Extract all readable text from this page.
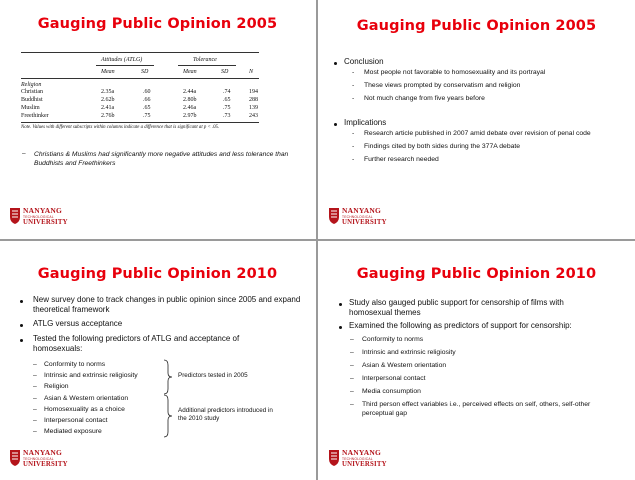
Gauging Public Opinion 2005
Attitudes (ATLG)	Tolerance
Mean	SD	Mean	SD	N
Religion
Christian	2.35a	.60	2.44a	.74	194
Buddhist	2.62b	.66	2.80b	.65	288
Muslim	2.41a	.65	2.46a	.75	139
Freethinker	2.76b	.75	2.97b	.73	243
Note. Values with different subscripts within columns indicate a difference that is significant at p < .05.
– Christians & Muslims had significantly more negative attitudes and less tolerance than Buddhists and Freethinkers
NANYANG
TECHNOLOGICAL
UNIVERSITY
Gauging Public Opinion 2005
Conclusion
- Most people not favorable to homosexuality and its portrayal
- These views prompted by conservatism and religion
- Not much change from five years before
Implications
- Research article published in 2007 amid debate over revision of penal code
- Findings cited by both sides during the 377A debate
- Further research needed
NANYANG
TECHNOLOGICAL
UNIVERSITY
Gauging Public Opinion 2010
New survey done to track changes in public opinion since 2005 and expand theoretical framework
ATLG versus acceptance
Tested the following predictors of ATLG and acceptance of homosexuals:
– Conformity to norms
– Intrinsic and extrinsic religiosity
– Religion
Predictors tested in 2005
– Asian & Western orientation
– Homosexuality as a choice
– Interpersonal contact
– Mediated exposure
Additional predictors introduced in the 2010 study
NANYANG
TECHNOLOGICAL
UNIVERSITY
Gauging Public Opinion 2010
Study also gauged public support for censorship of films with homosexual themes
Examined the following as predictors of support for censorship:
– Conformity to norms
– Intrinsic and extrinsic religiosity
– Asian & Western orientation
– Interpersonal contact
– Media consumption
– Third person effect variables i.e., perceived effects on self, others, self-other perceptual gap
NANYANG
TECHNOLOGICAL
UNIVERSITY
